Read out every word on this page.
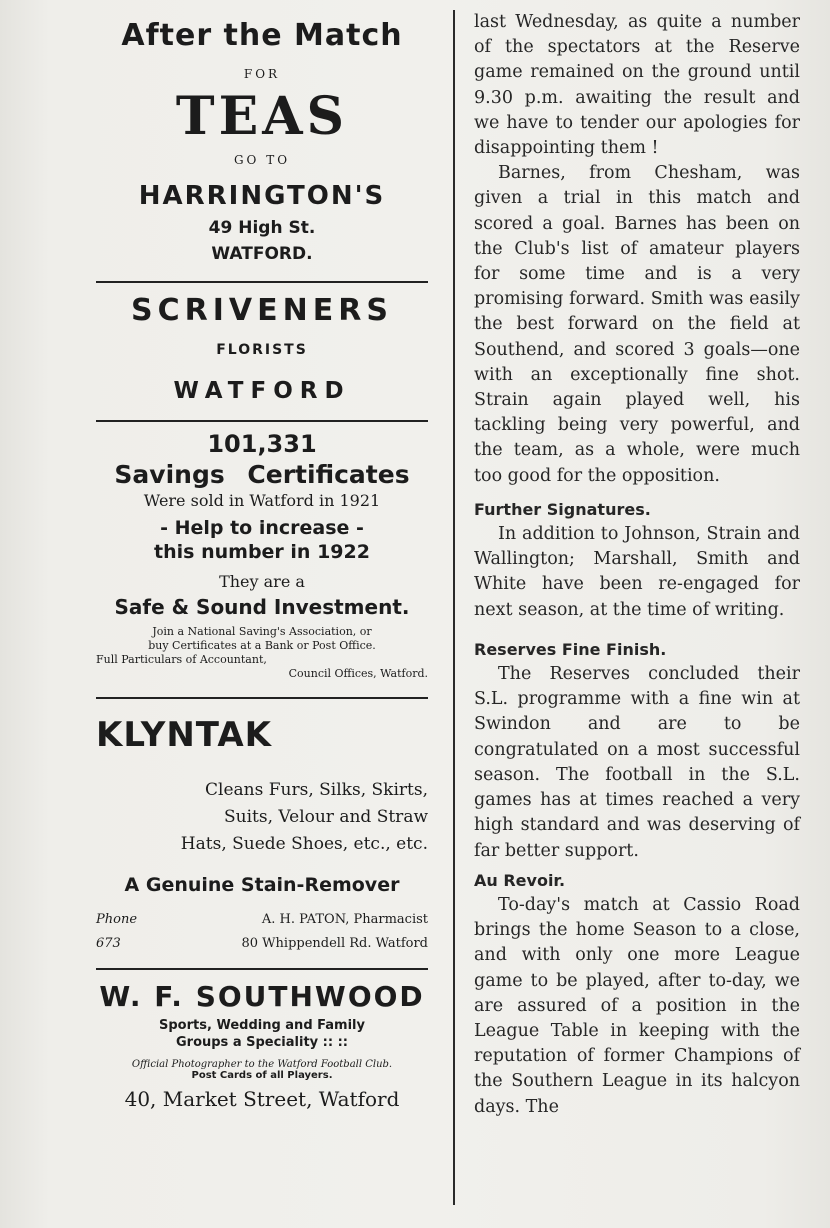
After the Match
FOR
TEAS
GO TO
HARRINGTON'S
49 High St.
WATFORD.
SCRIVENERS
FLORISTS
WATFORD
101,331
Savings Certificates
Were sold in Watford in 1921
- Help to increase -
this number in 1922
They are a
Safe & Sound Investment.
Join a National Saving's Association, or
buy Certificates at a Bank or Post Office.
Full Particulars of Accountant,
Council Offices, Watford.
KLYNTAK
Cleans Furs, Silks, Skirts,
Suits, Velour and Straw
Hats, Suede Shoes, etc., etc.
A Genuine Stain-Remover
Phone	A. H. PATON, Pharmacist
673	80 Whippendell Rd. Watford
W. F. SOUTHWOOD
Sports, Wedding and Family
Groups a Speciality :: ::
Official Photographer to the Watford Football Club.
Post Cards of all Players.
40, Market Street, Watford

last Wednesday, as quite a number of the spectators at the Reserve game remained on the ground until 9.30 p.m. awaiting the result and we have to tender our apologies for disappointing them !

Barnes, from Chesham, was given a trial in this match and scored a goal. Barnes has been on the Club's list of amateur players for some time and is a very promising forward. Smith was easily the best forward on the field at Southend, and scored 3 goals—one with an exceptionally fine shot. Strain again played well, his tackling being very powerful, and the team, as a whole, were much too good for the opposition.

Further Signatures.

In addition to Johnson, Strain and Wallington; Marshall, Smith and White have been re-engaged for next season, at the time of writing.

Reserves Fine Finish.

The Reserves concluded their S.L. programme with a fine win at Swindon and are to be congratulated on a most successful season. The football in the S.L. games has at times reached a very high standard and was deserving of far better support.

Au Revoir.

To-day's match at Cassio Road brings the home Season to a close, and with only one more League game to be played, after to-day, we are assured of a position in the League Table in keeping with the reputation of former Champions of the Southern League in its halcyon days. The
